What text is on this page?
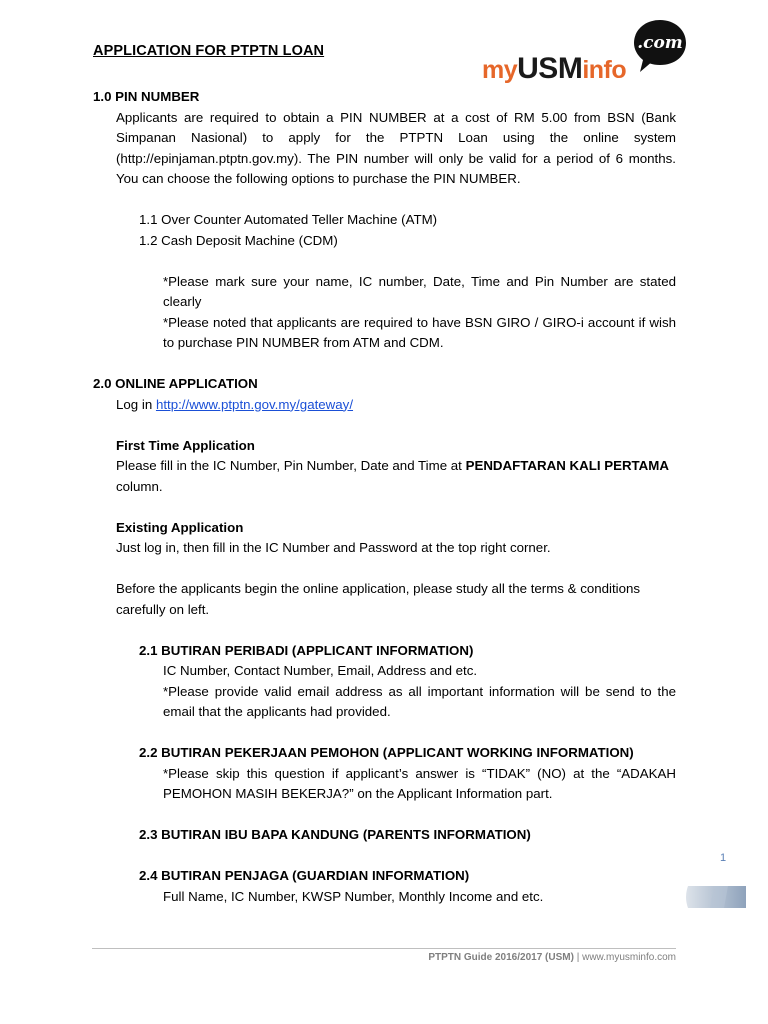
APPLICATION FOR PTPTN LOAN	.com
myUSMinfo

1.0 PIN NUMBER

Applicants are required to obtain a PIN NUMBER at a cost of RM 5.00 from BSN (Bank Simpanan Nasional) to apply for the PTPTN Loan using the online system (http://epinjaman.ptptn.gov.my). The PIN number will only be valid for a period of 6 months. You can choose the following options to purchase the PIN NUMBER.

1.1 Over Counter Automated Teller Machine (ATM)

1.2 Cash Deposit Machine (CDM)

*Please mark sure your name, IC number, Date, Time and Pin Number are stated clearly

*Please noted that applicants are required to have BSN GIRO / GIRO-i account if wish to purchase PIN NUMBER from ATM and CDM.

2.0 ONLINE APPLICATION

Log in http://www.ptptn.gov.my/gateway/

First Time Application

Please fill in the IC Number, Pin Number, Date and Time at PENDAFTARAN KALI PERTAMA
column.

Existing Application

Just log in, then fill in the IC Number and Password at the top right corner.

Before the applicants begin the online application, please study all the terms & conditions carefully on left.

2.1 BUTIRAN PERIBADI (APPLICANT INFORMATION)

IC Number, Contact Number, Email, Address and etc.

*Please provide valid email address as all important information will be send to the email that the applicants had provided.

2.2 BUTIRAN PEKERJAAN PEMOHON (APPLICANT WORKING INFORMATION)

*Please skip this question if applicant’s answer is “TIDAK” (NO) at the “ADAKAH PEMOHON MASIH BEKERJA?” on the Applicant Information part.

2.3 BUTIRAN IBU BAPA KANDUNG (PARENTS INFORMATION)

2.4 BUTIRAN PENJAGA (GUARDIAN INFORMATION)

Full Name, IC Number, KWSP Number, Monthly Income and etc.

1
PTPTN Guide 2016/2017 (USM) | www.myusminfo.com
